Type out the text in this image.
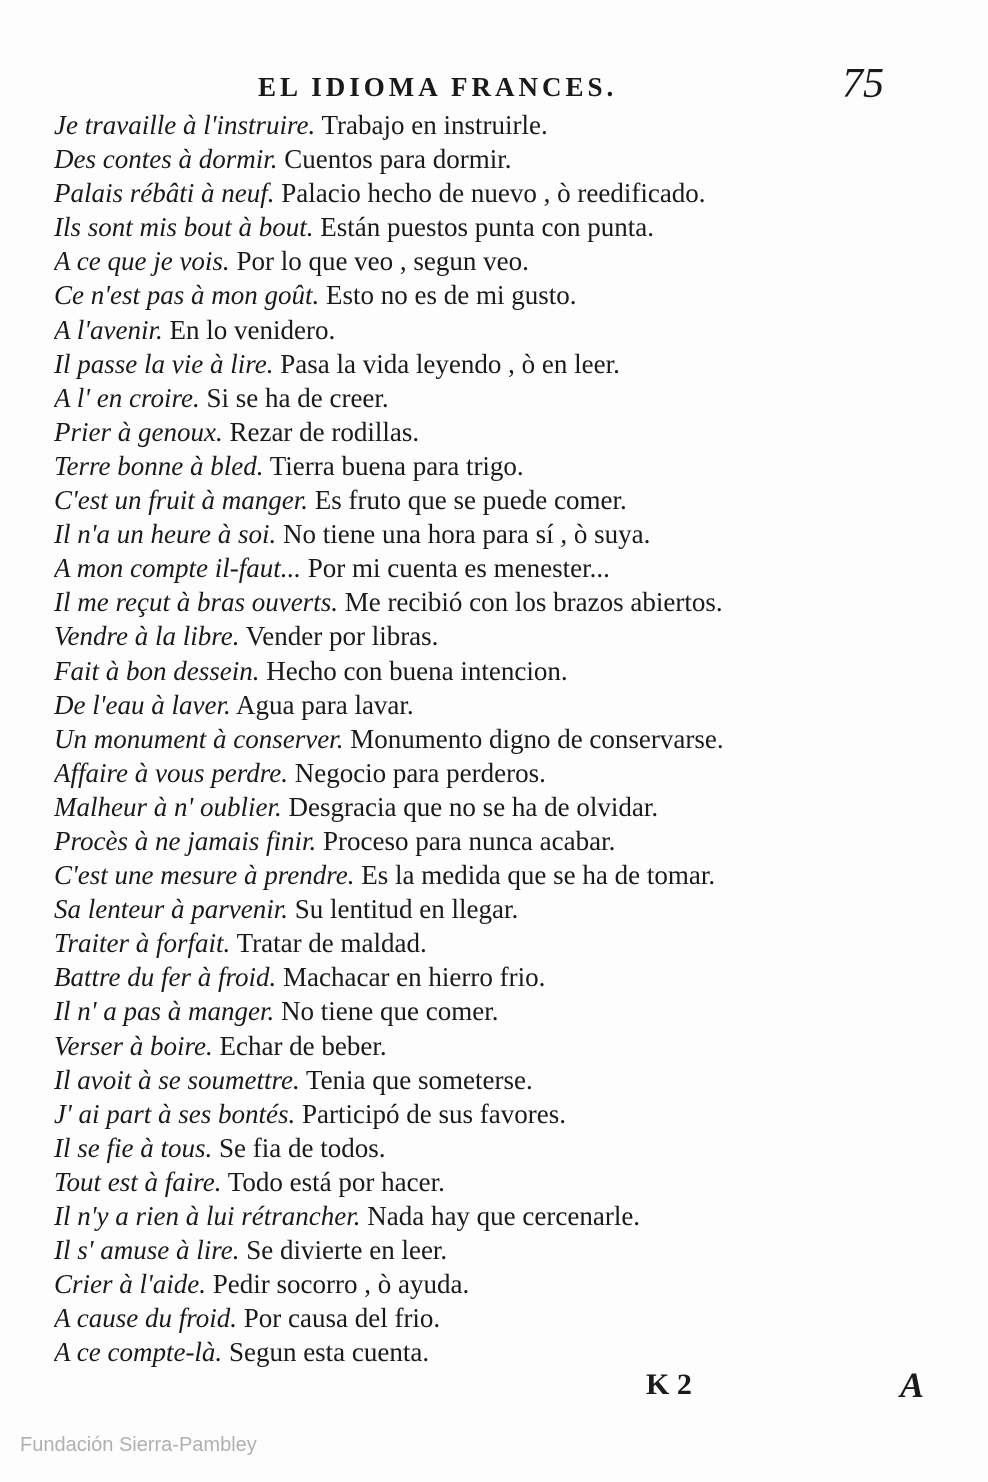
EL IDIOMA FRANCES.	75
Je travaille à l'instruire. Trabajo en instruirle.
Des contes à dormir. Cuentos para dormir.
Palais rébâti à neuf. Palacio hecho de nuevo , ò reedificado.
Ils sont mis bout à bout. Están puestos punta con punta.
A ce que je vois. Por lo que veo , segun veo.
Ce n'est pas à mon goût. Esto no es de mi gusto.
A l'avenir. En lo venidero.
Il passe la vie à lire. Pasa la vida leyendo , ò en leer.
A l' en croire. Si se ha de creer.
Prier à genoux. Rezar de rodillas.
Terre bonne à bled. Tierra buena para trigo.
C'est un fruit à manger. Es fruto que se puede comer.
Il n'a un heure à soi. No tiene una hora para sí , ò suya.
A mon compte il-faut... Por mi cuenta es menester...
Il me reçut à bras ouverts. Me recibió con los brazos abiertos.
Vendre à la libre. Vender por libras.
Fait à bon dessein. Hecho con buena intencion.
De l'eau à laver. Agua para lavar.
Un monument à conserver. Monumento digno de conservarse.
Affaire à vous perdre. Negocio para perderos.
Malheur à n' oublier. Desgracia que no se ha de olvidar.
Procès à ne jamais finir. Proceso para nunca acabar.
C'est une mesure à prendre. Es la medida que se ha de tomar.
Sa lenteur à parvenir. Su lentitud en llegar.
Traiter à forfait. Tratar de maldad.
Battre du fer à froid. Machacar en hierro frio.
Il n' a pas à manger. No tiene que comer.
Verser à boire. Echar de beber.
Il avoit à se soumettre. Tenia que someterse.
J' ai part à ses bontés. Participó de sus favores.
Il se fie à tous. Se fia de todos.
Tout est à faire. Todo está por hacer.
Il n'y a rien à lui rétrancher. Nada hay que cercenarle.
Il s' amuse à lire. Se divierte en leer.
Crier à l'aide. Pedir socorro , ò ayuda.
A cause du froid. Por causa del frio.
A ce compte-là. Segun esta cuenta.
K 2	A
Fundación Sierra-Pambley
